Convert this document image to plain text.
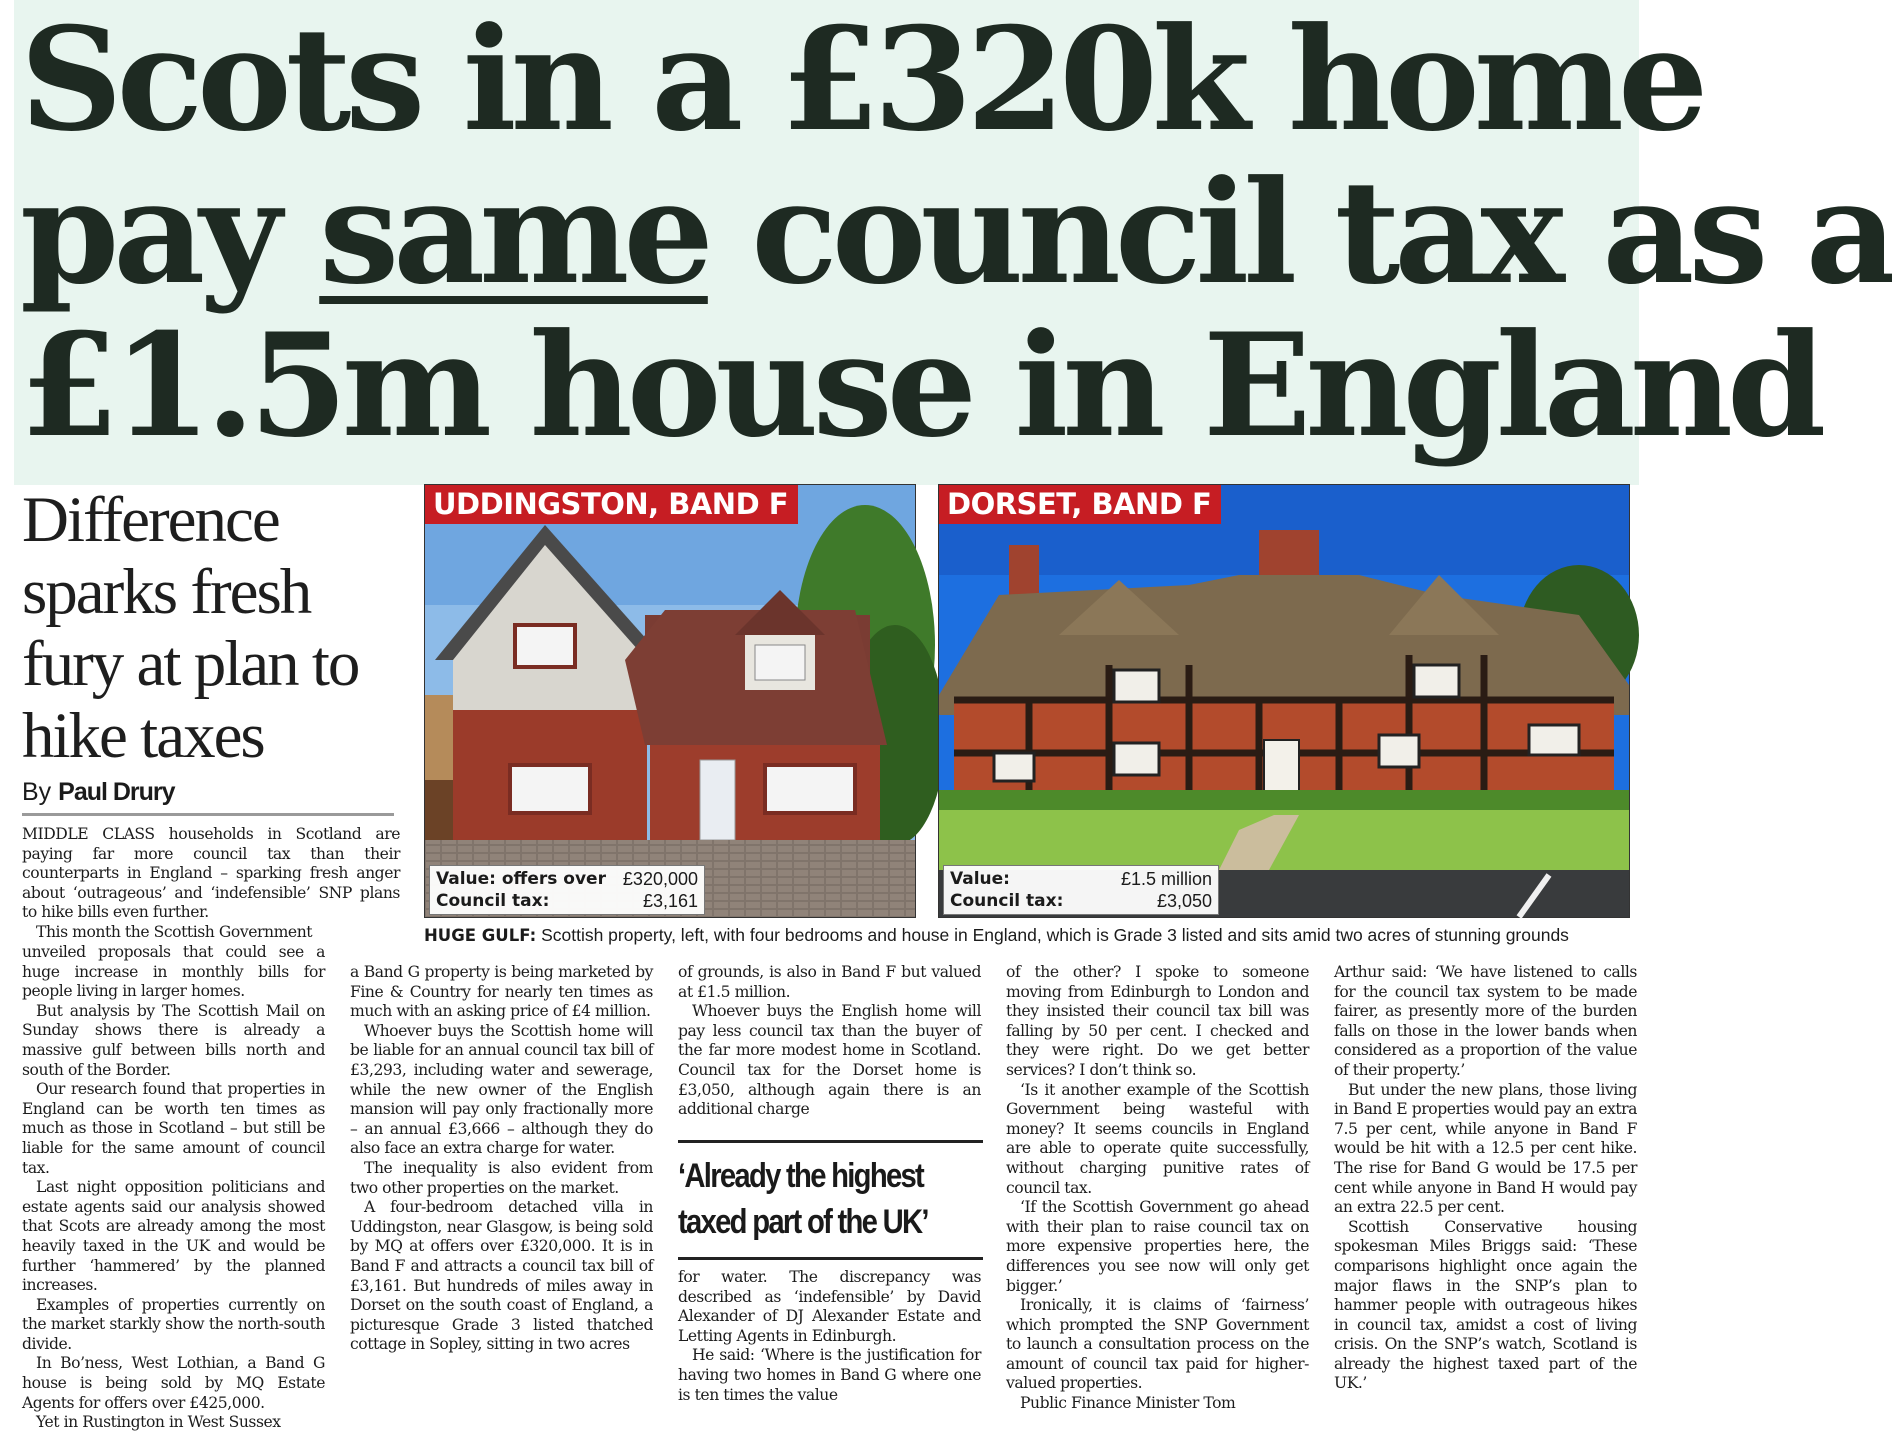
Scots in a £320k home
pay same council tax as a
£1.5m house in England
Difference sparks fresh fury at plan to hike taxes
By Paul Drury
UDDINGSTON, BAND F
Value: offers over £320,000
Council tax:	£3,161
DORSET, BAND F
Value:	£1.5 million
Council tax:	£3,050
HUGE GULF: Scottish property, left, with four bedrooms and house in England, which is Grade 3 listed and sits amid two acres of stunning grounds

MIDDLE CLASS households in Scotland are paying far more council tax than their counterparts in England – sparking fresh anger about ‘outrageous’ and ‘indefensible’ SNP plans to hike bills even further.

This month the Scottish Government

unveiled proposals that could see a huge increase in monthly bills for people living in larger homes.

But analysis by The Scottish Mail on Sunday shows there is already a massive gulf between bills north and south of the Border.

Our research found that properties in England can be worth ten times as much as those in Scotland – but still be liable for the same amount of council tax.

Last night opposition politicians and estate agents said our analysis showed that Scots are already among the most heavily taxed in the UK and would be further ‘hammered’ by the planned increases.

Examples of properties currently on the market starkly show the north-south divide.

In Bo’ness, West Lothian, a Band G house is being sold by MQ Estate Agents for offers over £425,000.

Yet in Rustington in West Sussex

a Band G property is being marketed by Fine & Country for nearly ten times as much with an asking price of £4 million.

Whoever buys the Scottish home will be liable for an annual council tax bill of £3,293, including water and sewerage, while the new owner of the English mansion will pay only fractionally more – an annual £3,666 – although they do also face an extra charge for water.

The inequality is also evident from two other properties on the market.

A four-bedroom detached villa in Uddingston, near Glasgow, is being sold by MQ at offers over £320,000. It is in Band F and attracts a council tax bill of £3,161. But hundreds of miles away in Dorset on the south coast of England, a picturesque Grade 3 listed thatched cottage in Sopley, sitting in two acres

of grounds, is also in Band F but valued at £1.5 million.

Whoever buys the English home will pay less council tax than the buyer of the far more modest home in Scotland. Council tax for the Dorset home is £3,050, although again there is an additional charge

‘Already the highest
taxed part of the UK’

for water. The discrepancy was described as ‘indefensible’ by David Alexander of DJ Alexander Estate and Letting Agents in Edinburgh.

He said: ‘Where is the justification for having two homes in Band G where one is ten times the value

of the other? I spoke to someone moving from Edinburgh to London and they insisted their council tax bill was falling by 50 per cent. I checked and they were right. Do we get better services? I don’t think so.

‘Is it another example of the Scottish Government being wasteful with money? It seems councils in England are able to operate quite successfully, without charging punitive rates of council tax.

‘If the Scottish Government go ahead with their plan to raise council tax on more expensive properties here, the differences you see now will only get bigger.’

Ironically, it is claims of ‘fairness’ which prompted the SNP Government to launch a consultation process on the amount of council tax paid for higher-valued properties.

Public Finance Minister Tom

Arthur said: ‘We have listened to calls for the council tax system to be made fairer, as presently more of the burden falls on those in the lower bands when considered as a proportion of the value of their property.’

But under the new plans, those living in Band E properties would pay an extra 7.5 per cent, while anyone in Band F would be hit with a 12.5 per cent hike. The rise for Band G would be 17.5 per cent while anyone in Band H would pay an extra 22.5 per cent.

Scottish Conservative housing spokesman Miles Briggs said: ‘These comparisons highlight once again the major flaws in the SNP’s plan to hammer people with outrageous hikes in council tax, amidst a cost of living crisis. On the SNP’s watch, Scotland is already the highest taxed part of the UK.’
